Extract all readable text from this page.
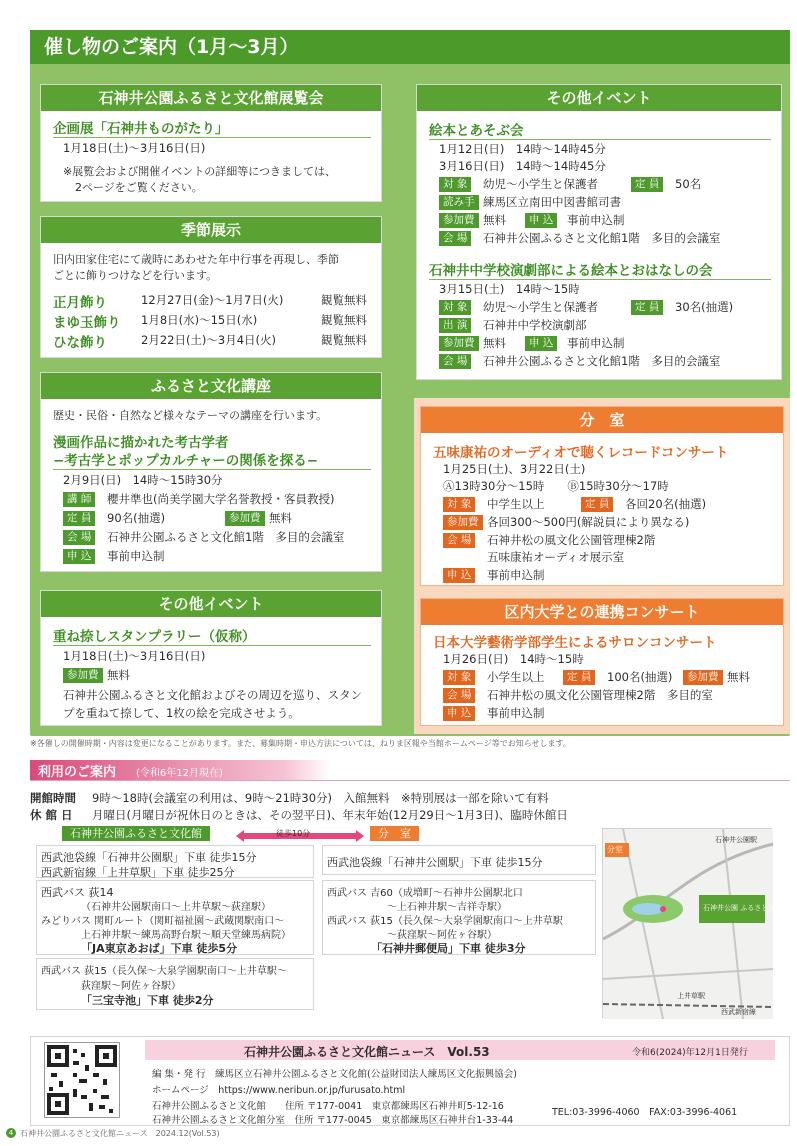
催し物のご案内（1月〜3月）
石神井公園ふるさと文化館展覧会
企画展「石神井ものがたり」
1月18日(土)〜3月16日(日)
※展覧会および開催イベントの詳細等につきましては、
2ページをご覧ください。
季節展示
旧内田家住宅にて歳時にあわせた年中行事を再現し、季節
ごとに飾りつけなどを行います。
正月飾り	12月27日(金)〜1月7日(火)	観覧無料
まゆ玉飾り 1月8日(水)〜15日(水)	観覧無料
ひな飾り	2月22日(土)〜3月4日(火)	観覧無料
ふるさと文化講座
歴史・民俗・自然など様々なテーマの講座を行います。
漫画作品に描かれた考古学者
−考古学とポップカルチャーの関係を探る−
2月9日(日)　14時〜15時30分
講 師	櫻井準也(尚美学園大学名誉教授・客員教授)
定 員	90名(抽選)	参加費 無料
会 場	石神井公園ふるさと文化館1階　多目的会議室
申 込	事前申込制
その他イベント
重ね捺しスタンプラリー（仮称）
1月18日(土)〜3月16日(日)
参加費 無料
石神井公園ふるさと文化館およびその周辺を巡り、スタン
プを重ねて捺して、1枚の絵を完成させよう。
その他イベント
絵本とあそぶ会
1月12日(日)　14時〜14時45分
3月16日(日)　14時〜14時45分
対 象	幼児〜小学生と保護者	定 員	50名
読み手 練馬区立南田中図書館司書
参加費 無料	申 込	事前申込制
会 場	石神井公園ふるさと文化館1階　多目的会議室
石神井中学校演劇部による絵本とおはなしの会
3月15日(土)　14時〜15時
対 象	幼児〜小学生と保護者	定 員	30名(抽選)
出 演	石神井中学校演劇部
参加費 無料	申 込	事前申込制
会 場	石神井公園ふるさと文化館1階　多目的会議室
分　室
五味康祐のオーディオで聴くレコードコンサート
1月25日(土)、3月22日(土)
Ⓐ13時30分〜15時　　Ⓑ15時30分〜17時
対 象	中学生以上	定 員	各回20名(抽選)
参加費 各回300〜500円(解説員により異なる)
会 場	石神井松の風文化公園管理棟2階
五味康祐オーディオ展示室
申 込	事前申込制
区内大学との連携コンサート
日本大学藝術学部学生によるサロンコンサート
1月26日(日)　14時〜15時
対 象	小学生以上	定 員	100名(抽選)	参加費 無料
会 場	石神井松の風文化公園管理棟2階　多目的室
申 込	事前申込制
※各催しの開催時期・内容は変更になることがあります。また、募集時期・申込方法については、ねりま区報や当館ホームページ等でお知らせします。
利用のご案内 (令和6年12月現在)
開館時間 9時〜18時(会議室の利用は、9時〜21時30分)　入館無料　※特別展は一部を除いて有料
休 館 日 月曜日(月曜日が祝休日のときは、その翌平日)、年末年始(12月29日〜1月3日)、臨時休館日
石神井公園ふるさと文化館	徒歩10分	分　室
西武池袋線「石神井公園駅」下車 徒歩15分
西武新宿線「上井草駅」下車 徒歩25分
西武バス 荻14
（石神井公園駅南口〜上井草駅〜荻窪駅）
みどりバス 関町ルート（関町福祉園〜武蔵関駅南口〜
上石神井駅〜練馬高野台駅〜順天堂練馬病院）
「JA東京あおば」下車 徒歩5分
西武バス 荻15（長久保〜大泉学園駅南口〜上井草駅〜
荻窪駅〜阿佐ヶ谷駅）
「三宝寺池」下車 徒歩2分
西武池袋線「石神井公園駅」下車 徒歩15分
西武バス 吉60（成増町〜石神井公園駅北口
〜上石神井駅〜吉祥寺駅）
西武バス 荻15（長久保〜大泉学園駅南口〜上井草駅
〜荻窪駅〜阿佐ヶ谷駅）
「石神井郵便局」下車 徒歩3分
分室
石神井公園駅
石神井公園 ふるさと文化館
上井草駅
西武新宿線
石神井公園ふるさと文化館ニュース　Vol.53	令和6(2024)年12月1日発行
編 集・発 行　練馬区立石神井公園ふるさと文化館(公益財団法人練馬区文化振興協会)
ホームページ　https://www.neribun.or.jp/furusato.html
石神井公園ふるさと文化館　　住所 〒177-0041　東京都練馬区石神井町5-12-16
石神井公園ふるさと文化館分室　住所 〒177-0045　東京都練馬区石神井台1-33-44
TEL:03-3996-4060　FAX:03-3996-4061
4 石神井公園ふるさと文化館ニュース　2024.12(Vol.53)
